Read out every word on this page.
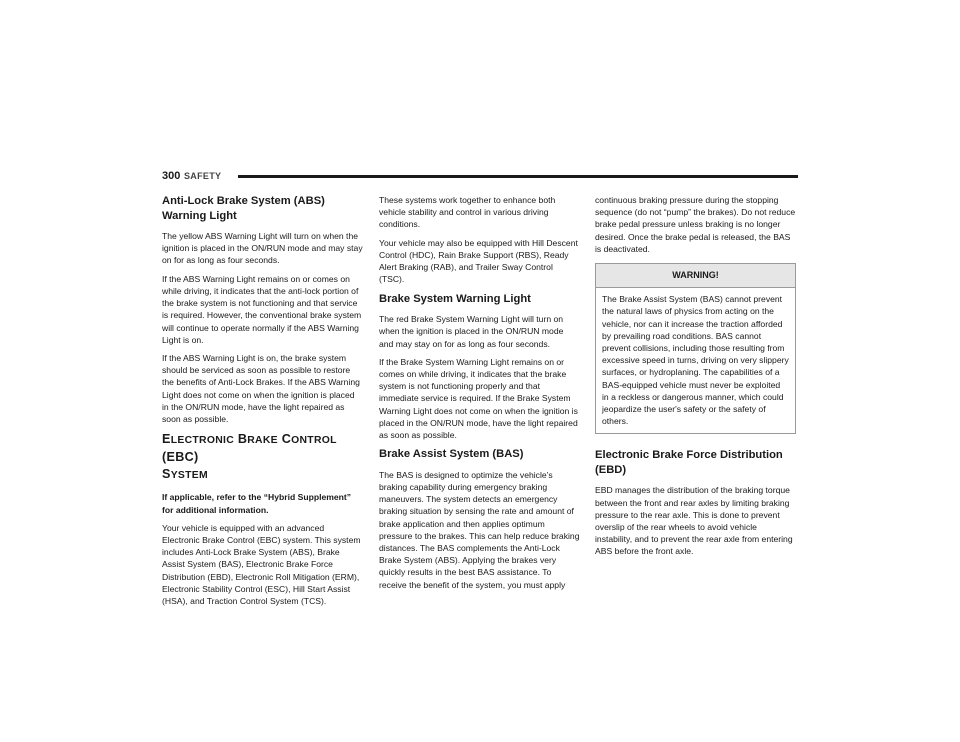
300 SAFETY
Anti-Lock Brake System (ABS) Warning Light

The yellow ABS Warning Light will turn on when the ignition is placed in the ON/RUN mode and may stay on for as long as four seconds.

If the ABS Warning Light remains on or comes on while driving, it indicates that the anti-lock portion of the brake system is not functioning and that service is required. However, the conventional brake system will continue to operate normally if the ABS Warning Light is on.

If the ABS Warning Light is on, the brake system should be serviced as soon as possible to restore the benefits of Anti-Lock Brakes. If the ABS Warning Light does not come on when the ignition is placed in the ON/RUN mode, have the light repaired as soon as possible.

ELECTRONIC BRAKE CONTROL (EBC)
SYSTEM

If applicable, refer to the “Hybrid Supplement” for additional information.

Your vehicle is equipped with an advanced Electronic Brake Control (EBC) system. This system includes Anti-Lock Brake System (ABS), Brake Assist System (BAS), Electronic Brake Force Distribution (EBD), Electronic Roll Mitigation (ERM), Electronic Stability Control (ESC), Hill Start Assist (HSA), and Traction Control System (TCS).

These systems work together to enhance both vehicle stability and control in various driving conditions.

Your vehicle may also be equipped with Hill Descent Control (HDC), Rain Brake Support (RBS), Ready Alert Braking (RAB), and Trailer Sway Control (TSC).

Brake System Warning Light

The red Brake System Warning Light will turn on when the ignition is placed in the ON/RUN mode and may stay on for as long as four seconds.

If the Brake System Warning Light remains on or comes on while driving, it indicates that the brake system is not functioning properly and that immediate service is required. If the Brake System Warning Light does not come on when the ignition is placed in the ON/RUN mode, have the light repaired as soon as possible.

Brake Assist System (BAS)

The BAS is designed to optimize the vehicle’s braking capability during emergency braking maneuvers. The system detects an emergency braking situation by sensing the rate and amount of brake application and then applies optimum pressure to the brakes. This can help reduce braking distances. The BAS complements the Anti-Lock Brake System (ABS). Applying the brakes very quickly results in the best BAS assistance. To receive the benefit of the system, you must apply

continuous braking pressure during the stopping sequence (do not “pump” the brakes). Do not reduce brake pedal pressure unless braking is no longer desired. Once the brake pedal is released, the BAS is deactivated.

WARNING!
The Brake Assist System (BAS) cannot prevent the natural laws of physics from acting on the vehicle, nor can it increase the traction afforded by prevailing road conditions. BAS cannot prevent collisions, including those resulting from excessive speed in turns, driving on very slippery surfaces, or hydroplaning. The capabilities of a BAS-equipped vehicle must never be exploited in a reckless or dangerous manner, which could jeopardize the user's safety or the safety of others.
Electronic Brake Force Distribution (EBD)

EBD manages the distribution of the braking torque between the front and rear axles by limiting braking pressure to the rear axle. This is done to prevent overslip of the rear wheels to avoid vehicle instability, and to prevent the rear axle from entering ABS before the front axle.
